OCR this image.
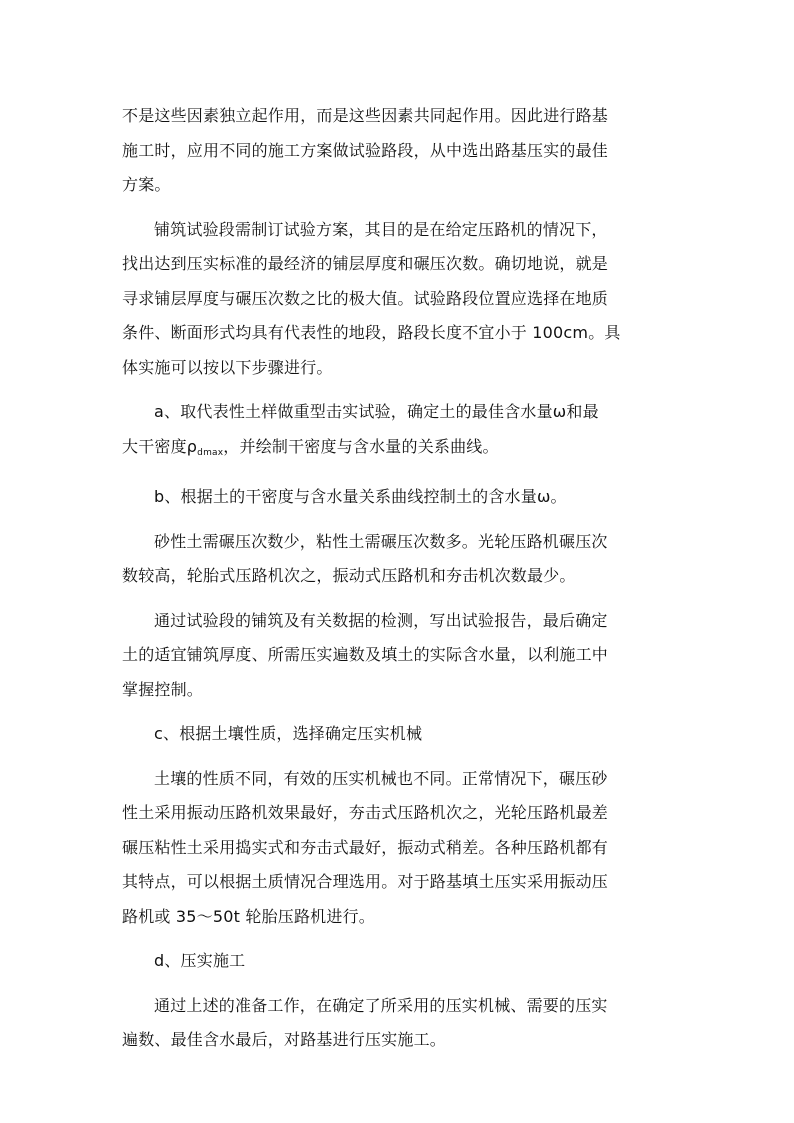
不是这些因素独立起作用，而是这些因素共同起作用。因此进行路基
施工时，应用不同的施工方案做试验路段，从中选出路基压实的最佳
方案。

铺筑试验段需制订试验方案，其目的是在给定压路机的情况下，
找出达到压实标准的最经济的铺层厚度和碾压次数。确切地说，就是
寻求铺层厚度与碾压次数之比的极大值。试验路段位置应选择在地质
条件、断面形式均具有代表性的地段，路段长度不宜小于 100cm。具
体实施可以按以下步骤进行。

a、取代表性土样做重型击实试验，确定土的最佳含水量ω和最
大干密度$\rho_{dmax}$，并绘制干密度与含水量的关系曲线。

b、根据土的干密度与含水量关系曲线控制土的含水量ω。

砂性土需碾压次数少，粘性土需碾压次数多。光轮压路机碾压次
数较高，轮胎式压路机次之，振动式压路机和夯击机次数最少。

通过试验段的铺筑及有关数据的检测，写出试验报告，最后确定
土的适宜铺筑厚度、所需压实遍数及填土的实际含水量，以利施工中
掌握控制。

c、根据土壤性质，选择确定压实机械

土壤的性质不同，有效的压实机械也不同。正常情况下，碾压砂
性土采用振动压路机效果最好，夯击式压路机次之，光轮压路机最差
碾压粘性土采用捣实式和夯击式最好，振动式稍差。各种压路机都有
其特点，可以根据土质情况合理选用。对于路基填土压实采用振动压
路机或 35～50t 轮胎压路机进行。

d、压实施工

通过上述的准备工作，在确定了所采用的压实机械、需要的压实
遍数、最佳含水最后，对路基进行压实施工。
